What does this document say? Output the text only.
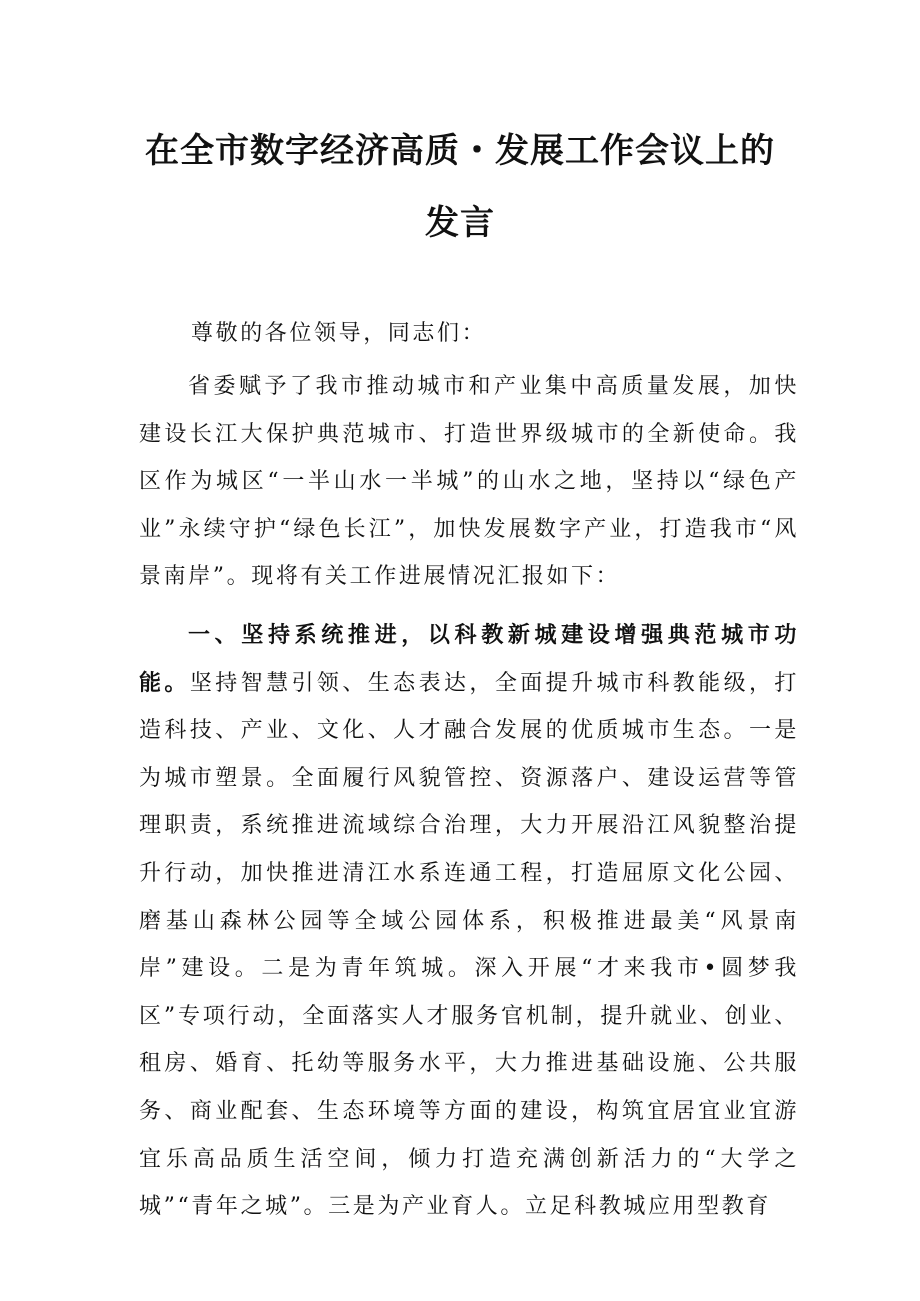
在全市数字经济高质・发展工作会议上的
发言
尊敬的各位领导，同志们：
省委赋予了我市推动城市和产业集中高质量发展，加快建设长江大保护典范城市、打造世界级城市的全新使命。我区作为城区“一半山水一半城”的山水之地，坚持以“绿色产业”永续守护“绿色长江”，加快发展数字产业，打造我市“风景南岸”。现将有关工作进展情况汇报如下：
一、坚持系统推进，以科教新城建设增强典范城市功能。坚持智慧引领、生态表达，全面提升城市科教能级，打造科技、产业、文化、人才融合发展的优质城市生态。一是为城市塑景。全面履行风貌管控、资源落户、建设运营等管理职责，系统推进流域综合治理，大力开展沿江风貌整治提升行动，加快推进清江水系连通工程，打造屈原文化公园、磨基山森林公园等全域公园体系，积极推进最美“风景南岸”建设。二是为青年筑城。深入开展“才来我市•圆梦我区”专项行动，全面落实人才服务官机制，提升就业、创业、租房、婚育、托幼等服务水平，大力推进基础设施、公共服务、商业配套、生态环境等方面的建设，构筑宜居宜业宜游宜乐高品质生活空间，倾力打造充满创新活力的“大学之城”“青年之城”。三是为产业育人。立足科教城应用型教育
